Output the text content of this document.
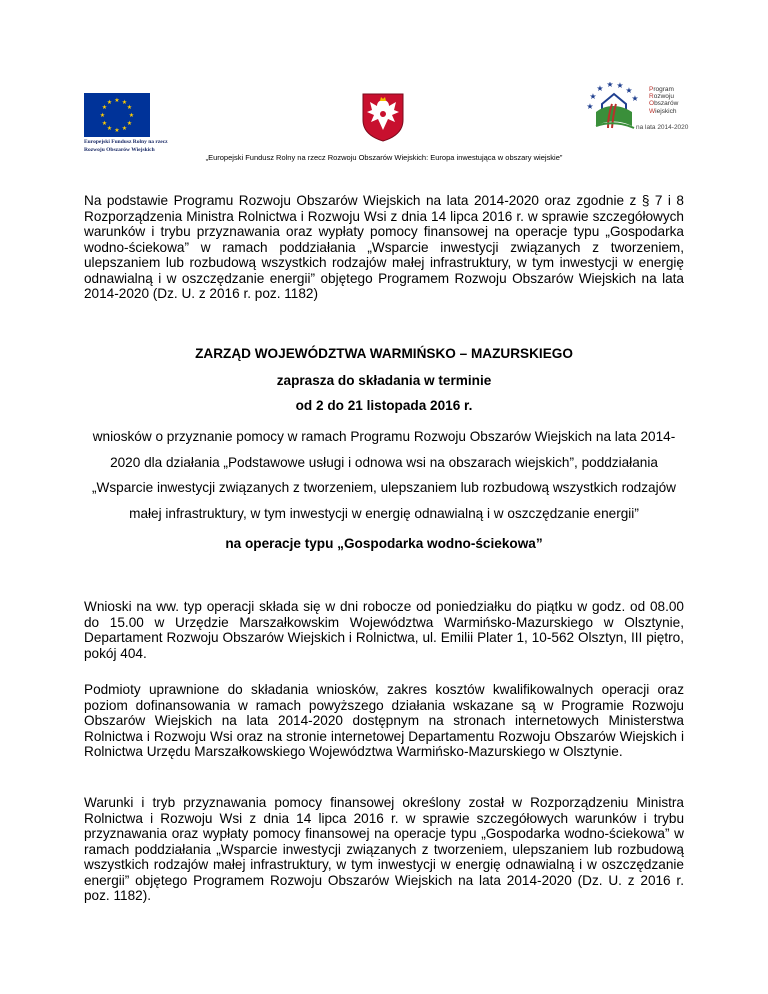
★ ★
★
★
★
★
★
★
★
★
★
★
Europejski Fundusz Rolny na rzecz
Rozwoju Obszarów Wiejskich
★
★
★ ★ ★
★
★
Program
Rozwoju
Obszarów
Wiejskich
na lata 2014-2020
„Europejski Fundusz Rolny na rzecz Rozwoju Obszarów Wiejskich: Europa inwestująca w obszary wiejskie”
Na podstawie Programu Rozwoju Obszarów Wiejskich na lata 2014-2020 oraz zgodnie z § 7 i 8 Rozporządzenia Ministra Rolnictwa i Rozwoju Wsi z dnia 14 lipca 2016 r. w sprawie szczegółowych warunków i trybu przyznawania oraz wypłaty pomocy finansowej na operacje typu „Gospodarka wodno-ściekowa” w ramach poddziałania „Wsparcie inwestycji związanych z tworzeniem, ulepszaniem lub rozbudową wszystkich rodzajów małej infrastruktury, w tym inwestycji w energię odnawialną i w oszczędzanie energii” objętego Programem Rozwoju Obszarów Wiejskich na lata 2014-2020 (Dz. U. z 2016 r. poz. 1182)
ZARZĄD WOJEWÓDZTWA WARMIŃSKO – MAZURSKIEGO
zaprasza do składania w terminie
od 2 do 21 listopada 2016 r.
wniosków o przyznanie pomocy w ramach Programu Rozwoju Obszarów Wiejskich na lata 2014-2020 dla działania „Podstawowe usługi i odnowa wsi na obszarach wiejskich”, poddziałania „Wsparcie inwestycji związanych z tworzeniem, ulepszaniem lub rozbudową wszystkich rodzajów małej infrastruktury, w tym inwestycji w energię odnawialną i w oszczędzanie energii”
na operacje typu „Gospodarka wodno-ściekowa”
Wnioski na ww. typ operacji składa się w dni robocze od poniedziałku do piątku w godz. od 08.00 do 15.00 w Urzędzie Marszałkowskim Województwa Warmińsko-Mazurskiego w Olsztynie, Departament Rozwoju Obszarów Wiejskich i Rolnictwa, ul. Emilii Plater 1, 10-562 Olsztyn, III piętro, pokój 404.
Podmioty uprawnione do składania wniosków, zakres kosztów kwalifikowalnych operacji oraz poziom dofinansowania w ramach powyższego działania wskazane są w Programie Rozwoju Obszarów Wiejskich na lata 2014-2020 dostępnym na stronach internetowych Ministerstwa Rolnictwa i Rozwoju Wsi oraz na stronie internetowej Departamentu Rozwoju Obszarów Wiejskich i Rolnictwa Urzędu Marszałkowskiego Województwa Warmińsko-Mazurskiego w Olsztynie.
Warunki i tryb przyznawania pomocy finansowej określony został w Rozporządzeniu Ministra Rolnictwa i Rozwoju Wsi z dnia 14 lipca 2016 r. w sprawie szczegółowych warunków i trybu przyznawania oraz wypłaty pomocy finansowej na operacje typu „Gospodarka wodno-ściekowa” w ramach poddziałania „Wsparcie inwestycji związanych z tworzeniem, ulepszaniem lub rozbudową wszystkich rodzajów małej infrastruktury, w tym inwestycji w energię odnawialną i w oszczędzanie energii” objętego Programem Rozwoju Obszarów Wiejskich na lata 2014-2020 (Dz. U. z 2016 r. poz. 1182).
